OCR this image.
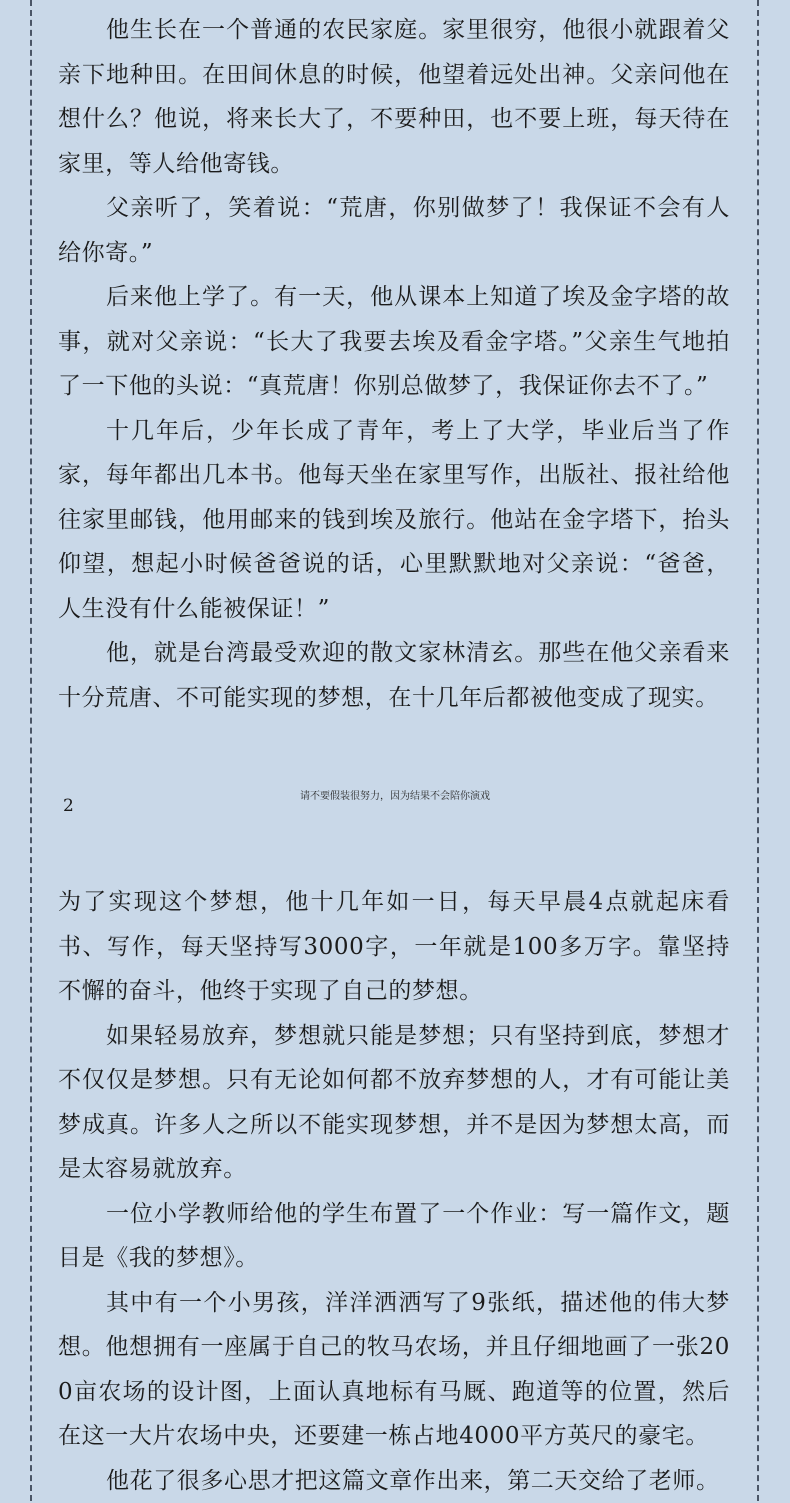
他生长在一个普通的农民家庭。家里很穷，他很小就跟着父亲下地种田。在田间休息的时候，他望着远处出神。父亲问他在想什么？他说，将来长大了，不要种田，也不要上班，每天待在家里，等人给他寄钱。

父亲听了，笑着说：“荒唐，你别做梦了！我保证不会有人给你寄。”

后来他上学了。有一天，他从课本上知道了埃及金字塔的故事，就对父亲说：“长大了我要去埃及看金字塔。”父亲生气地拍了一下他的头说：“真荒唐！你别总做梦了，我保证你去不了。”

十几年后，少年长成了青年，考上了大学，毕业后当了作家，每年都出几本书。他每天坐在家里写作，出版社、报社给他往家里邮钱，他用邮来的钱到埃及旅行。他站在金字塔下，抬头仰望，想起小时候爸爸说的话，心里默默地对父亲说：“爸爸，人生没有什么能被保证！”

他，就是台湾最受欢迎的散文家林清玄。那些在他父亲看来十分荒唐、不可能实现的梦想，在十几年后都被他变成了现实。

2	请不要假装很努力，因为结果不会陪你演戏

为了实现这个梦想，他十几年如一日，每天早晨4点就起床看书、写作，每天坚持写3000字，一年就是100多万字。靠坚持不懈的奋斗，他终于实现了自己的梦想。

如果轻易放弃，梦想就只能是梦想；只有坚持到底，梦想才不仅仅是梦想。只有无论如何都不放弃梦想的人，才有可能让美梦成真。许多人之所以不能实现梦想，并不是因为梦想太高，而是太容易就放弃。

一位小学教师给他的学生布置了一个作业：写一篇作文，题目是《我的梦想》。

其中有一个小男孩，洋洋洒洒写了9张纸，描述他的伟大梦想。他想拥有一座属于自己的牧马农场，并且仔细地画了一张200亩农场的设计图，上面认真地标有马厩、跑道等的位置，然后在这一大片农场中央，还要建一栋占地4000平方英尺的豪宅。

他花了很多心思才把这篇文章作出来，第二天交给了老师。
